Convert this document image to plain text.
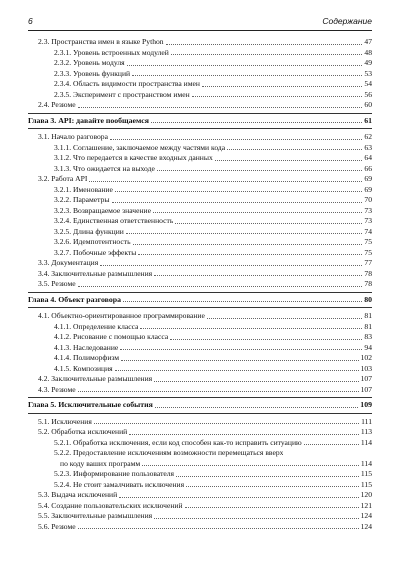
6	Содержание
2.3. Пространства имен в языке Python	47
2.3.1. Уровень встроенных модулей	48
2.3.2. Уровень модуля	49
2.3.3. Уровень функций	53
2.3.4. Область видимости пространства имен	54
2.3.5. Эксперимент с пространством имен	56
2.4. Резюме	60
Глава 3. API: давайте пообщаемся	61
3.1. Начало разговора	62
3.1.1. Соглашение, заключаемое между частями кода	63
3.1.2. Что передается в качестве входных данных	64
3.1.3. Что ожидается на выходе	66
3.2. Работа API	69
3.2.1. Именование	69
3.2.2. Параметры	70
3.2.3. Возвращаемое значение	73
3.2.4. Единственная ответственность	73
3.2.5. Длина функции	74
3.2.6. Идемпотентность	75
3.2.7. Побочные эффекты	75
3.3. Документация	77
3.4. Заключительные размышления	78
3.5. Резюме	78
Глава 4. Объект разговора	80
4.1. Объектно-ориентированное программирование	81
4.1.1. Определение класса	81
4.1.2. Рисование с помощью класса	83
4.1.3. Наследование	94
4.1.4. Полиморфизм	102
4.1.5. Композиция	103
4.2. Заключительные размышления	107
4.3. Резюме	107
Глава 5. Исключительные события	109
5.1. Исключения	111
5.2. Обработка исключений	113
5.2.1. Обработка исключения, если код способен как-то исправить ситуацию	114
5.2.2. Предоставление исключениям возможности перемещаться вверх
по коду ваших программ	114
5.2.3. Информирование пользователя	115
5.2.4. Не стоит замалчивать исключения	115
5.3. Выдача исключений	120
5.4. Создание пользовательских исключений	121
5.5. Заключительные размышления	124
5.6. Резюме	124
